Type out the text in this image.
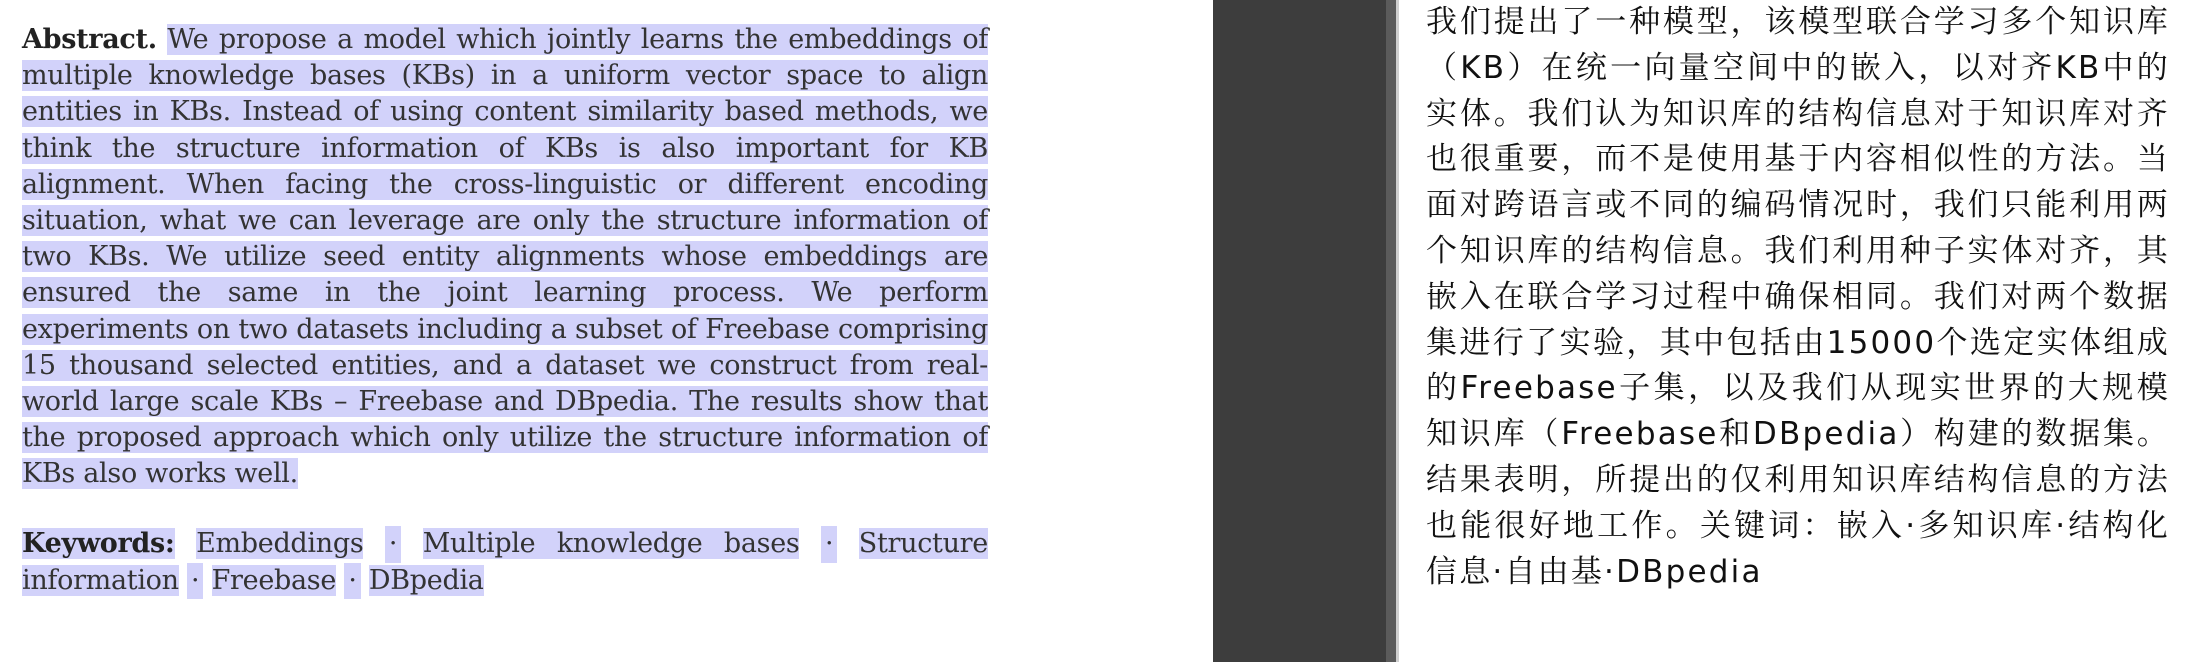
Abstract. We propose a model which jointly learns the embeddings of multiple knowledge bases (KBs) in a uniform vector space to align entities in KBs. Instead of using content similarity based methods, we think the structure information of KBs is also important for KB alignment. When facing the cross-linguistic or different encoding situation, what we can leverage are only the structure information of two KBs. We utilize seed entity alignments whose embeddings are ensured the same in the joint learning process. We perform experiments on two datasets including a subset of Freebase comprising 15 thousand selected entities, and a dataset we construct from real-world large scale KBs – Freebase and DBpedia. The results show that the proposed approach which only utilize the structure information of KBs also works well.
Keywords: Embeddings · Multiple knowledge bases · Structure information · Freebase · DBpedia
我们提出了一种模型，该模型联合学习多个知识库（KB）在统一向量空间中的嵌入，以对齐KB中的实体。我们认为知识库的结构信息对于知识库对齐也很重要，而不是使用基于内容相似性的方法。当面对跨语言或不同的编码情况时，我们只能利用两个知识库的结构信息。我们利用种子实体对齐，其嵌入在联合学习过程中确保相同。我们对两个数据集进行了实验，其中包括由15000个选定实体组成的Freebase子集，以及我们从现实世界的大规模知识库（Freebase和DBpedia）构建的数据集。结果表明，所提出的仅利用知识库结构信息的方法也能很好地工作。关键词：嵌入·多知识库·结构化信息·自由基·DBpedia
